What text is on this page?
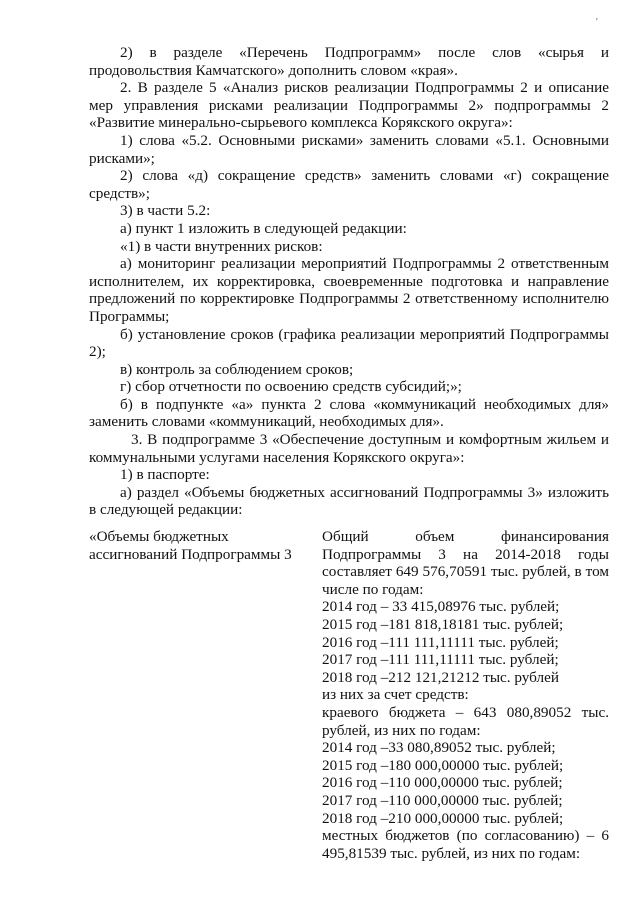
'

2) в разделе «Перечень Подпрограмм» после слов «сырья и продовольствия Камчатского» дополнить словом «края».

2. В разделе 5 «Анализ рисков реализации Подпрограммы 2 и описание мер управления рисками реализации Подпрограммы 2» подпрограммы 2 «Развитие минерально-сырьевого комплекса Корякского округа»:

1) слова «5.2. Основными рисками» заменить словами «5.1. Основными рисками»;

2) слова «д) сокращение средств» заменить словами «г) сокращение средств»;

3) в части 5.2:

а) пункт 1 изложить в следующей редакции:

«1) в части внутренних рисков:

а) мониторинг реализации мероприятий Подпрограммы 2 ответственным исполнителем, их корректировка, своевременные подготовка и направление предложений по корректировке Подпрограммы 2 ответственному исполнителю Программы;

б) установление сроков (графика реализации мероприятий Подпрограммы 2);

в) контроль за соблюдением сроков;

г) сбор отчетности по освоению средств субсидий;»;

б) в подпункте «а» пункта 2 слова «коммуникаций необходимых для» заменить словами «коммуникаций, необходимых для».

3. В подпрограмме 3 «Обеспечение доступным и комфортным жильем и коммунальными услугами населения Корякского округа»:

1) в паспорте:

а) раздел «Объемы бюджетных ассигнований Подпрограммы 3» изложить в следующей редакции:

«Объемы бюджетных ассигнований Подпрограммы 3

Общий объем финансирования Подпрограммы 3 на 2014-2018 годы составляет 649 576,70591 тыс. рублей, в том числе по годам:

2014 год – 33 415,08976 тыс. рублей;
2015 год –181 818,18181 тыс. рублей;
2016 год –111 111,11111 тыс. рублей;
2017 год –111 111,11111 тыс. рублей;
2018 год –212 121,21212 тыс. рублей
из них за счет средств:

краевого бюджета – 643 080,89052 тыс. рублей, из них по годам:

2014 год –33 080,89052 тыс. рублей;
2015 год –180 000,00000 тыс. рублей;
2016 год –110 000,00000 тыс. рублей;
2017 год –110 000,00000 тыс. рублей;
2018 год –210 000,00000 тыс. рублей;

местных бюджетов (по согласованию) – 6 495,81539 тыс. рублей, из них по годам:
